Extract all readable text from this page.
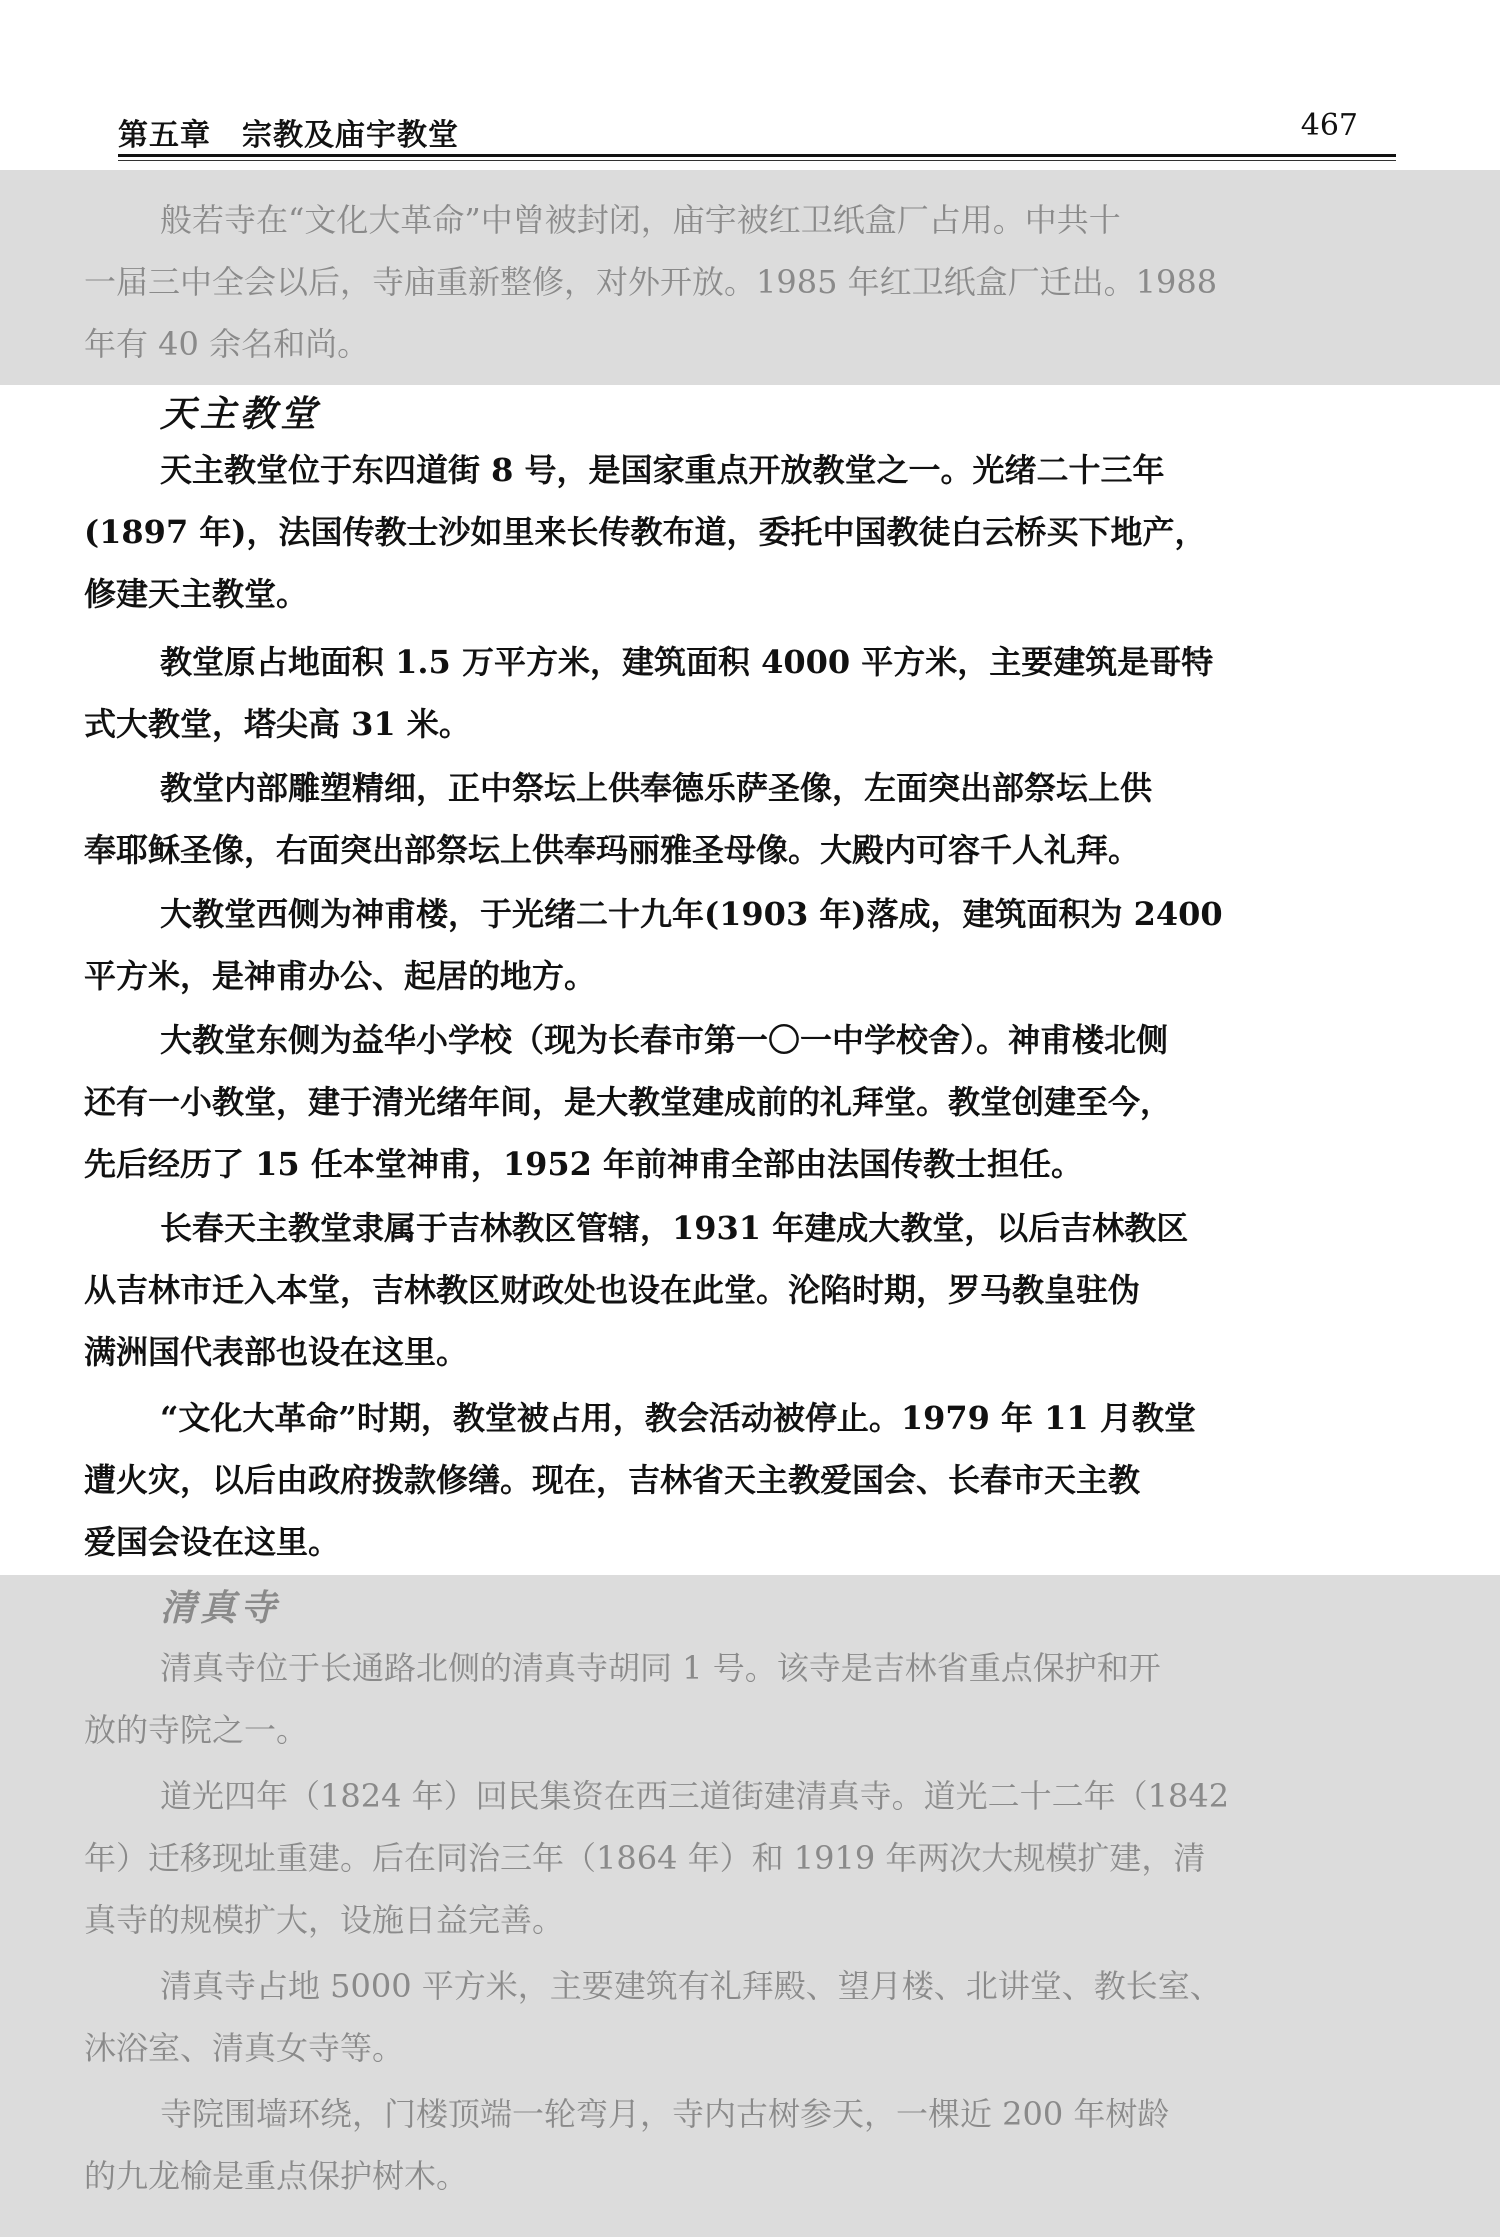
第五章　宗教及庙宇教堂	467
般若寺在“文化大革命”中曾被封闭，庙宇被红卫纸盒厂占用。中共十
一届三中全会以后，寺庙重新整修，对外开放。1985 年红卫纸盒厂迁出。1988
年有 40 余名和尚。
天主教堂
天主教堂位于东四道街 8 号，是国家重点开放教堂之一。光绪二十三年
(1897 年)，法国传教士沙如里来长传教布道，委托中国教徒白云桥买下地产，
修建天主教堂。
教堂原占地面积 1.5 万平方米，建筑面积 4000 平方米，主要建筑是哥特
式大教堂，塔尖高 31 米。
教堂内部雕塑精细，正中祭坛上供奉德乐萨圣像，左面突出部祭坛上供
奉耶稣圣像，右面突出部祭坛上供奉玛丽雅圣母像。大殿内可容千人礼拜。
大教堂西侧为神甫楼，于光绪二十九年(1903 年)落成，建筑面积为 2400
平方米，是神甫办公、起居的地方。
大教堂东侧为益华小学校（现为长春市第一〇一中学校舍）。神甫楼北侧
还有一小教堂，建于清光绪年间，是大教堂建成前的礼拜堂。教堂创建至今，
先后经历了 15 任本堂神甫，1952 年前神甫全部由法国传教士担任。
长春天主教堂隶属于吉林教区管辖，1931 年建成大教堂，以后吉林教区
从吉林市迁入本堂，吉林教区财政处也设在此堂。沦陷时期，罗马教皇驻伪
满洲国代表部也设在这里。
“文化大革命”时期，教堂被占用，教会活动被停止。1979 年 11 月教堂
遭火灾，以后由政府拨款修缮。现在，吉林省天主教爱国会、长春市天主教
爱国会设在这里。
清真寺
清真寺位于长通路北侧的清真寺胡同 1 号。该寺是吉林省重点保护和开
放的寺院之一。
道光四年（1824 年）回民集资在西三道街建清真寺。道光二十二年（1842
年）迁移现址重建。后在同治三年（1864 年）和 1919 年两次大规模扩建，清
真寺的规模扩大，设施日益完善。
清真寺占地 5000 平方米，主要建筑有礼拜殿、望月楼、北讲堂、教长室、
沐浴室、清真女寺等。
寺院围墙环绕，门楼顶端一轮弯月，寺内古树参天，一棵近 200 年树龄
的九龙榆是重点保护树木。
